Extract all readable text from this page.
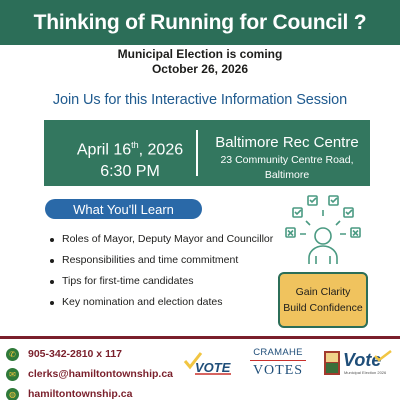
Thinking of Running for Council ?
Municipal Election is coming
October 26, 2026
Join Us for this Interactive Information Session
April 16th, 2026
6:30 PM
Baltimore Rec Centre
23 Community Centre Road,
Baltimore
What You'll Learn
Roles of Mayor, Deputy Mayor and Councillor
Responsibilities and time commitment
Tips for first-time candidates
Key nomination and election dates
Gain Clarity
Build Confidence
✆	905-342-2810 x 117
✉	clerks@hamiltontownship.ca
◍ hamiltontownship.ca
VOTE
CRAMAHE
VOTES
Vote
Municipal Election 2026
